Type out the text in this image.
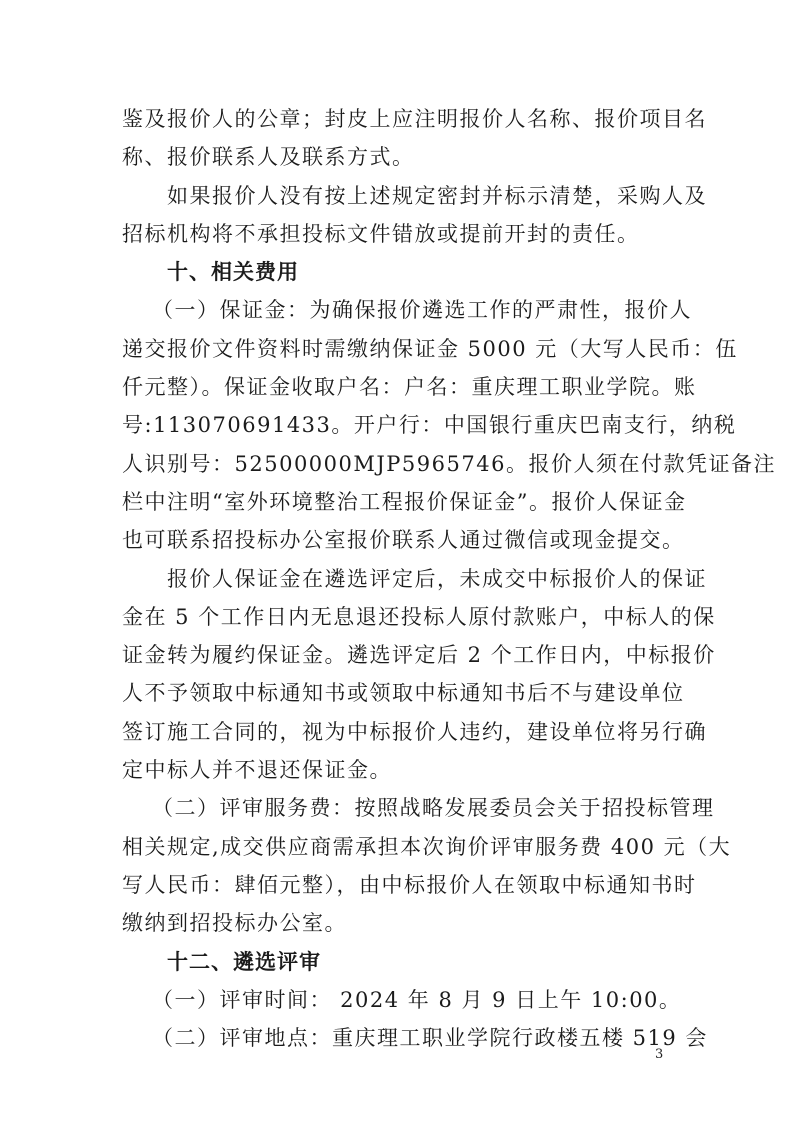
鉴及报价人的公章；封皮上应注明报价人名称、报价项目名
称、报价联系人及联系方式。
如果报价人没有按上述规定密封并标示清楚，采购人及
招标机构将不承担投标文件错放或提前开封的责任。
十、相关费用
（一）保证金：为确保报价遴选工作的严肃性，报价人
递交报价文件资料时需缴纳保证金 5000 元（大写人民币：伍
仟元整）。保证金收取户名：户名：重庆理工职业学院。账
号:113070691433。开户行：中国银行重庆巴南支行，纳税
人识别号：52500000MJP5965746。报价人须在付款凭证备注
栏中注明“室外环境整治工程报价保证金”。报价人保证金
也可联系招投标办公室报价联系人通过微信或现金提交。
报价人保证金在遴选评定后，未成交中标报价人的保证
金在 5 个工作日内无息退还投标人原付款账户，中标人的保
证金转为履约保证金。遴选评定后 2 个工作日内，中标报价
人不予领取中标通知书或领取中标通知书后不与建设单位
签订施工合同的，视为中标报价人违约，建设单位将另行确
定中标人并不退还保证金。
（二）评审服务费：按照战略发展委员会关于招投标管理
相关规定,成交供应商需承担本次询价评审服务费 400 元（大
写人民币：肆佰元整），由中标报价人在领取中标通知书时
缴纳到招投标办公室。
十二、遴选评审
（一）评审时间： 2024 年 8 月 9 日上午 10:00。
（二）评审地点：重庆理工职业学院行政楼五楼 519 会
3
